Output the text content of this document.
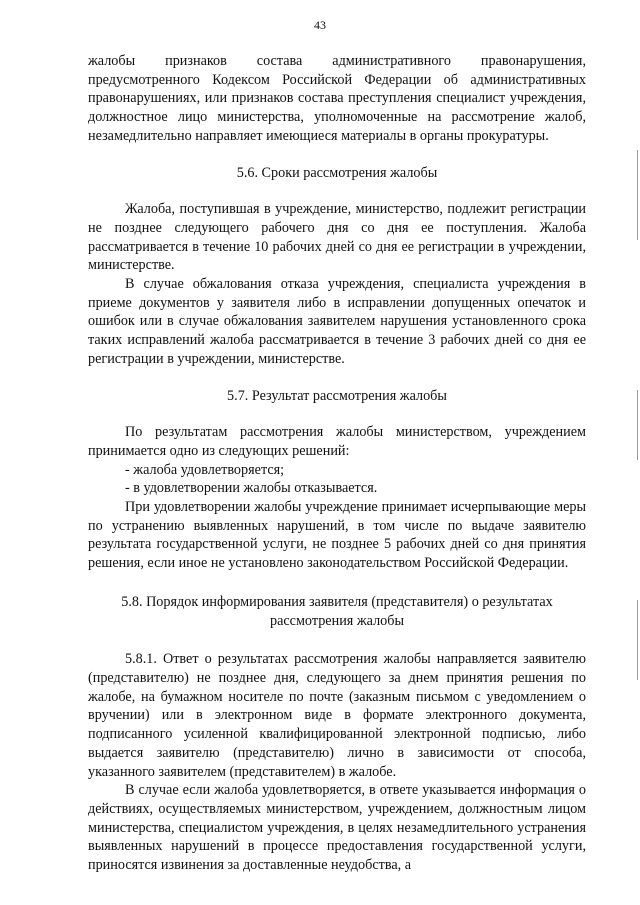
43

жалобы признаков состава административного правонарушения, предусмотренного Кодексом Российской Федерации об административных правонарушениях, или признаков состава преступления специалист учреждения, должностное лицо министерства, уполномоченные на рассмотрение жалоб, незамедлительно направляет имеющиеся материалы в органы прокуратуры.

5.6. Сроки рассмотрения жалобы

Жалоба, поступившая в учреждение, министерство, подлежит регистрации не позднее следующего рабочего дня со дня ее поступления. Жалоба рассматривается в течение 10 рабочих дней со дня ее регистрации в учреждении, министерстве.

В случае обжалования отказа учреждения, специалиста учреждения в приеме документов у заявителя либо в исправлении допущенных опечаток и ошибок или в случае обжалования заявителем нарушения установленного срока таких исправлений жалоба рассматривается в течение 3 рабочих дней со дня ее регистрации в учреждении, министерстве.

5.7. Результат рассмотрения жалобы

По результатам рассмотрения жалобы министерством, учреждением принимается одно из следующих решений:

- жалоба удовлетворяется;

- в удовлетворении жалобы отказывается.

При удовлетворении жалобы учреждение принимает исчерпывающие меры по устранению выявленных нарушений, в том числе по выдаче заявителю результата государственной услуги, не позднее 5 рабочих дней со дня принятия решения, если иное не установлено законодательством Российской Федерации.

5.8. Порядок информирования заявителя (представителя) о результатах рассмотрения жалобы

5.8.1. Ответ о результатах рассмотрения жалобы направляется заявителю (представителю) не позднее дня, следующего за днем принятия решения по жалобе, на бумажном носителе по почте (заказным письмом с уведомлением о вручении) или в электронном виде в формате электронного документа, подписанного усиленной квалифицированной электронной подписью, либо выдается заявителю (представителю) лично в зависимости от способа, указанного заявителем (представителем) в жалобе.

В случае если жалоба удовлетворяется, в ответе указывается информация о действиях, осуществляемых министерством, учреждением, должностным лицом министерства, специалистом учреждения, в целях незамедлительного устранения выявленных нарушений в процессе предоставления государственной услуги, приносятся извинения за доставленные неудобства, а
